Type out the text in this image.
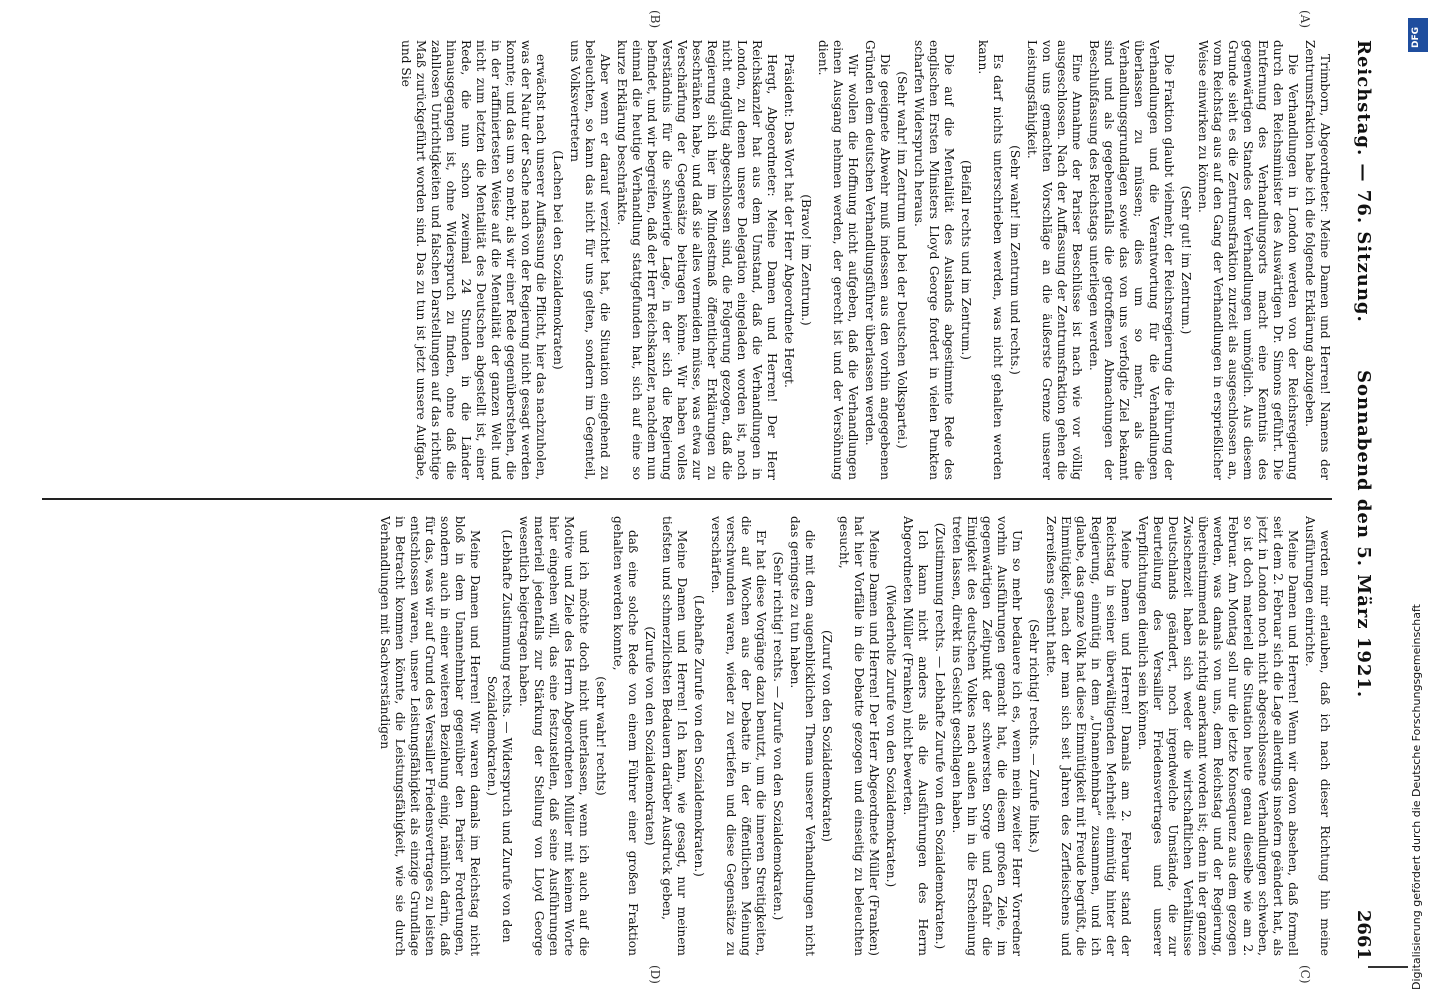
Reichstag. — 76. Sitzung.
Sonnabend den 5. März 1921.
2661

Trimborn, Abgeordneter: Meine Damen und Herren! Namens der Zentrumsfraktion habe ich die folgende Erklärung abzugeben.

Die Verhandlungen in London werden von der Reichsregierung durch den Reichsminister des Auswärtigen Dr. Simons geführt. Die Entfernung des Verhandlungsorts macht eine Kenntnis des gegenwärtigen Standes der Verhandlungen unmöglich. Aus diesem Grunde sieht es die Zentrumsfraktion zurzeit als ausgeschlossen an, vom Reichstag aus auf den Gang der Verhandlungen in ersprießlicher Weise einwirken zu können.

(Sehr gut! im Zentrum.)

Die Fraktion glaubt vielmehr, der Reichsregierung die Führung der Verhandlungen und die Verantwortung für die Verhandlungen überlassen zu müssen; dies um so mehr, als die Verhandlungsgrundlagen sowie das von uns verfolgte Ziel bekannt sind und als gegebenenfalls die getroffenen Abmachungen der Beschlußfassung des Reichstags unterliegen werden.

Eine Annahme der Pariser Beschlüsse ist nach wie vor völlig ausgeschlossen. Nach der Auffassung der Zentrumsfraktion gehen die von uns gemachten Vorschläge an die äußerste Grenze unserer Leistungsfähigkeit.

(Sehr wahr! im Zentrum und rechts.)

Es darf nichts unterschrieben werden, was nicht gehalten werden kann.

(Beifall rechts und im Zentrum.)

Die auf die Mentalität des Auslands abgestimmte Rede des englischen Ersten Ministers Lloyd George fordert in vielen Punkten scharfen Widerspruch heraus.

(Sehr wahr! im Zentrum und bei der Deutschen Volkspartei.)

Die geeignete Abwehr muß indessen aus den vorhin angegebenen Gründen dem deutschen Verhandlungsführer überlassen werden.

Wir wollen die Hoffnung nicht aufgeben, daß die Verhandlungen einen Ausgang nehmen werden, der gerecht ist und der Versöhnung dient.

(Bravo! im Zentrum.)

Präsident: Das Wort hat der Herr Abgeordnete Hergt.

Hergt, Abgeordneter: Meine Damen und Herren! Der Herr Reichskanzler hat aus dem Umstand, daß die Verhandlungen in London, zu denen unsere Delegation eingeladen worden ist, noch nicht endgültig abgeschlossen sind, die Folgerung gezogen, daß die Regierung sich hier im Mindestmaß öffentlicher Erklärungen zu beschränken habe, und daß sie alles vermeiden müsse, was etwa zur Verschärfung der Gegensätze beitragen könne. Wir haben volles Verständnis für die schwierige Lage, in der sich die Regierung befindet, und wir begreifen, daß der Herr Reichskanzler, nachdem nun einmal die heutige Verhandlung stattgefunden hat, sich auf eine so kurze Erklärung beschränkte.

Aber wenn er darauf verzichtet hat, die Situation eingehend zu beleuchten, so kann das nicht für uns gelten, sondern im Gegenteil, uns Volksvertretern

(Lachen bei den Sozialdemokraten)

erwächst nach unserer Auffassung die Pflicht, hier das nachzuholen, was der Natur der Sache nach von der Regierung nicht gesagt werden konnte; und das um so mehr, als wir einer Rede gegenüberstehen, die in der raffiniertesten Weise auf die Mentalität der ganzen Welt und nicht zum letzten die Mentalität des Deutschen abgestellt ist, einer Rede, die nun schon zweimal 24 Stunden in die Länder hinausgegangen ist, ohne Widerspruch zu finden, ohne daß die zahllosen Unrichtigkeiten und falschen Darstellungen auf das richtige Maß zurückgeführt worden sind. Das zu tun ist jetzt unsere Aufgabe, und Sie

werden mir erlauben, daß ich nach dieser Richtung hin meine Ausführungen einrichte.

Meine Damen und Herren! Wenn wir davon absehen, daß formell seit dem 2. Februar sich die Lage allerdings insofern geändert hat, als jetzt in London noch nicht abgeschlossene Verhandlungen schweben, so ist doch materiell die Situation heute genau dieselbe wie am 2. Februar. Am Montag soll nur die letzte Konsequenz aus dem gezogen werden, was damals von uns, dem Reichstag und der Regierung, übereinstimmend als richtig anerkannt worden ist; denn in der ganzen Zwischenzeit haben sich weder die wirtschaftlichen Verhältnisse Deutschlands geändert, noch irgendwelche Umstände, die zur Beurteilung des Versailler Friedensvertrages und unserer Verpflichtungen dienlich sein können.

Meine Damen und Herren! Damals am 2. Februar stand der Reichstag in seiner überwältigenden Mehrheit einmütig hinter der Regierung, einmütig in dem „Unannehmbar“ zusammen, und ich glaube, das ganze Volk hat diese Einmütigkeit mit Freude begrüßt, die Einmütigkeit, nach der man sich seit Jahren des Zerfleischens und Zerreißens gesehnt hatte.

(Sehr richtig! rechts. — Zurufe links.)

Um so mehr bedauere ich es, wenn mein zweiter Herr Vorredner vorhin Ausführungen gemacht hat, die diesem großen Ziele, im gegenwärtigen Zeitpunkt der schwersten Sorge und Gefahr die Einigkeit des deutschen Volkes nach außen hin in die Erscheinung treten lassen, direkt ins Gesicht geschlagen haben.

(Zustimmung rechts. — Lebhafte Zurufe von den Sozialdemokraten.)

Ich kann nicht anders als die Ausführungen des Herrn Abgeordneten Müller (Franken) nicht bewerten.

(Wiederholte Zurufe von den Sozialdemokraten.)

Meine Damen und Herren! Der Herr Abgeordnete Müller (Franken) hat hier Vorfälle in die Debatte gezogen und einseitig zu beleuchten gesucht,

(Zuruf von den Sozialdemokraten)

die mit dem augenblicklichen Thema unserer Verhandlungen nicht das geringste zu tun haben.

(Sehr richtig! rechts. — Zurufe von den Sozialdemokraten.)

Er hat diese Vorgänge dazu benutzt, um die inneren Streitigkeiten, die auf Wochen aus der Debatte in der öffentlichen Meinung verschwunden waren, wieder zu vertiefen und diese Gegensätze zu verschärfen.

(Lebhafte Zurufe von den Sozialdemokraten.)

Meine Damen und Herren! Ich kann, wie gesagt, nur meinem tiefsten und schmerzlichsten Bedauern darüber Ausdruck geben,

(Zurufe von den Sozialdemokraten)

daß eine solche Rede von einem Führer einer großen Fraktion gehalten werden konnte,

(sehr wahr! rechts)

und ich möchte doch nicht unterlassen, wenn ich auch auf die Motive und Ziele des Herrn Abgeordneten Müller mit keinem Worte hier eingehen will, das eine festzustellen, daß seine Ausführungen materiell jedenfalls zur Stärkung der Stellung von Lloyd George wesentlich beigetragen haben.

(Lebhafte Zustimmung rechts. — Widerspruch und Zurufe von den Sozialdemokraten.)

Meine Damen und Herren! Wir waren damals im Reichstag nicht bloß in dem Unannehmbar gegenüber den Pariser Forderungen, sondern auch in einer weiteren Beziehung einig, nämlich darin, daß für das, was wir auf Grund des Versailler Friedensvertrages zu leisten entschlossen waren, unsere Leistungsfähigkeit als einzige Grundlage in Betracht kommen könnte, die Leistungsfähigkeit, wie sie durch Verhandlungen mit Sachverständigen

(A)
(B)
(C)
(D)
DFG
Digitalisierung gefördert durch die Deutsche Forschungsgemeinschaft
